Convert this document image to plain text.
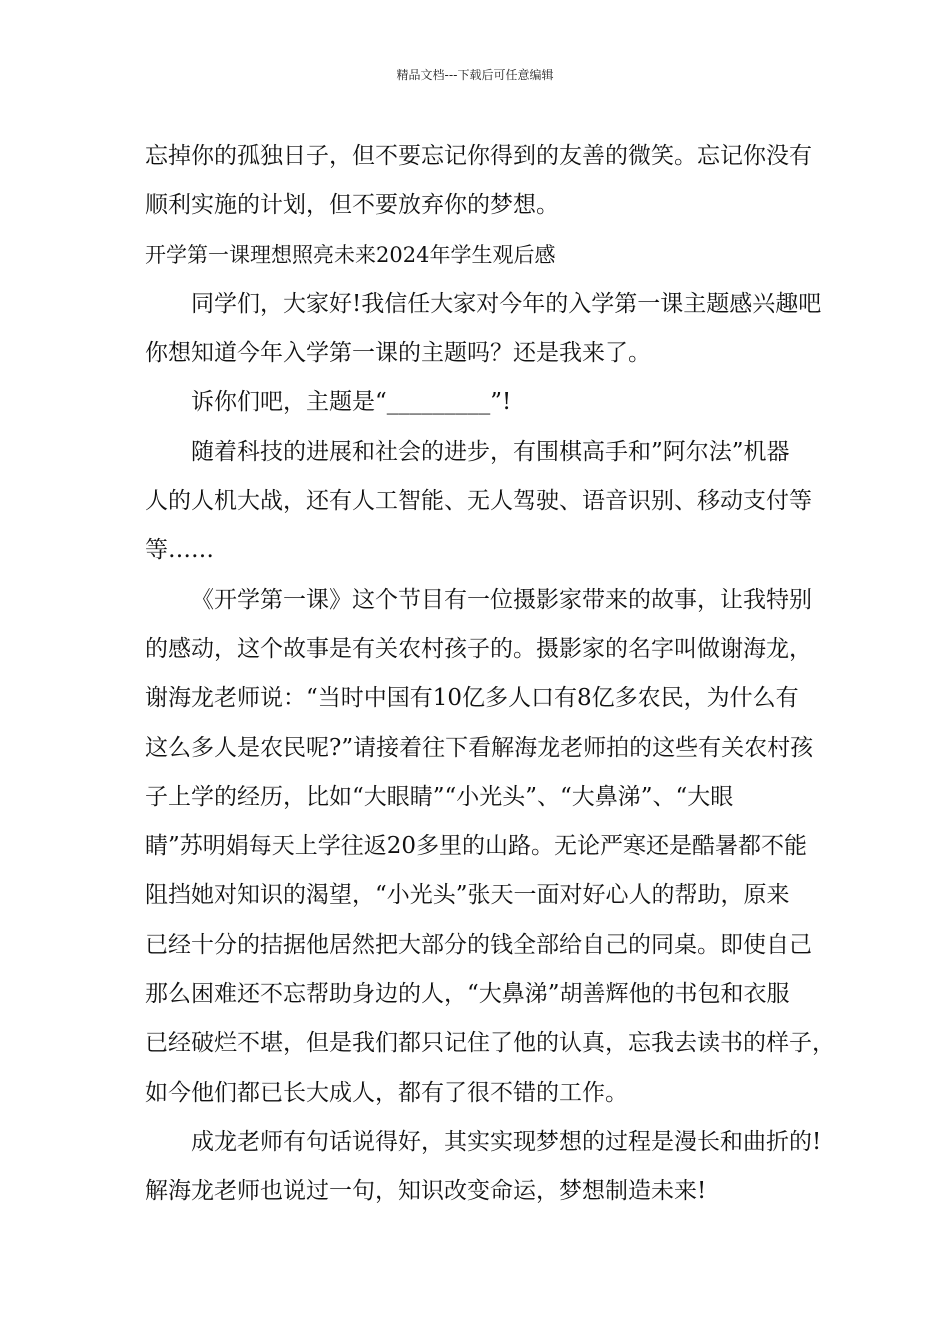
精品文档---下载后可任意编辑
忘掉你的孤独日子，但不要忘记你得到的友善的微笑。忘记你没有
顺利实施的计划，但不要放弃你的梦想。
开学第一课理想照亮未来2024年学生观后感
同学们，大家好!我信任大家对今年的入学第一课主题感兴趣吧
你想知道今年入学第一课的主题吗？还是我来了。
诉你们吧，主题是“_________”!
随着科技的进展和社会的进步，有围棋高手和”阿尔法”机器
人的人机大战，还有人工智能、无人驾驶、语音识别、移动支付等
等……
《开学第一课》这个节目有一位摄影家带来的故事，让我特别
的感动，这个故事是有关农村孩子的。摄影家的名字叫做谢海龙，
谢海龙老师说：“当时中国有10亿多人口有8亿多农民，为什么有
这么多人是农民呢?”请接着往下看解海龙老师拍的这些有关农村孩
子上学的经历，比如“大眼睛”“小光头”、“大鼻涕”、“大眼
睛”苏明娟每天上学往返20多里的山路。无论严寒还是酷暑都不能
阻挡她对知识的渴望，“小光头”张天一面对好心人的帮助，原来
已经十分的拮据他居然把大部分的钱全部给自己的同桌。即使自己
那么困难还不忘帮助身边的人，“大鼻涕”胡善辉他的书包和衣服
已经破烂不堪，但是我们都只记住了他的认真，忘我去读书的样子，
如今他们都已长大成人，都有了很不错的工作。
成龙老师有句话说得好，其实实现梦想的过程是漫长和曲折的!
解海龙老师也说过一句，知识改变命运，梦想制造未来!
